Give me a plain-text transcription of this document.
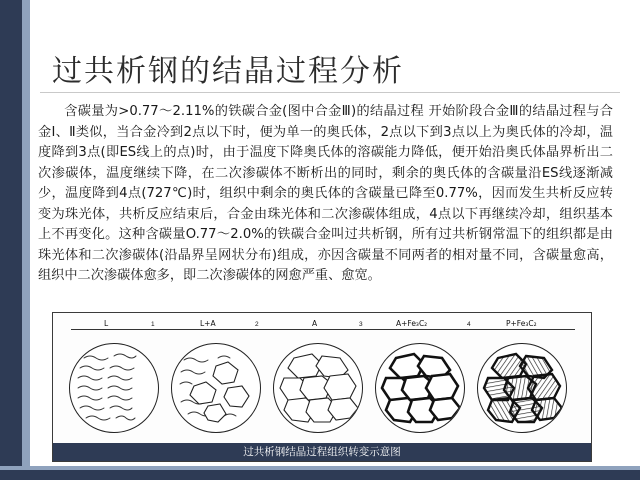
过共析钢的结晶过程分析
含碳量为>0.77～2.11%的铁碳合金(图中合金Ⅲ)的结晶过程 开始阶段合金Ⅲ的结晶过程与合金Ⅰ、Ⅱ类似，当合金冷到2点以下时，便为单一的奥氏体，2点以下到3点以上为奥氏体的冷却，温度降到3点(即ES线上的点)时，由于温度下降奥氏体的溶碳能力降低，便开始沿奥氏体晶界析出二次渗碳体，温度继续下降，在二次渗碳体不断析出的同时，剩余的奥氏体的含碳量沿ES线逐渐减少，温度降到4点(727℃)时，组织中剩余的奥氏体的含碳量已降至0.77%，因而发生共析反应转变为珠光体，共析反应结束后，合金由珠光体和二次渗碳体组成，4点以下再继续冷却，组织基本上不再变化。这种含碳量O.77～2.0%的铁碳合金叫过共析钢，所有过共析钢常温下的组织都是由珠光体和二次渗碳体(沿晶界呈网状分布)组成，亦因含碳量不同两者的相对量不同，含碳量愈高，组织中二次渗碳体愈多，即二次渗碳体的网愈严重、愈宽。
L	L+A	A	A+Fe₃C₂	P+Fe₃C₂
1	2	3	4
过共析钢结晶过程组织转变示意图
